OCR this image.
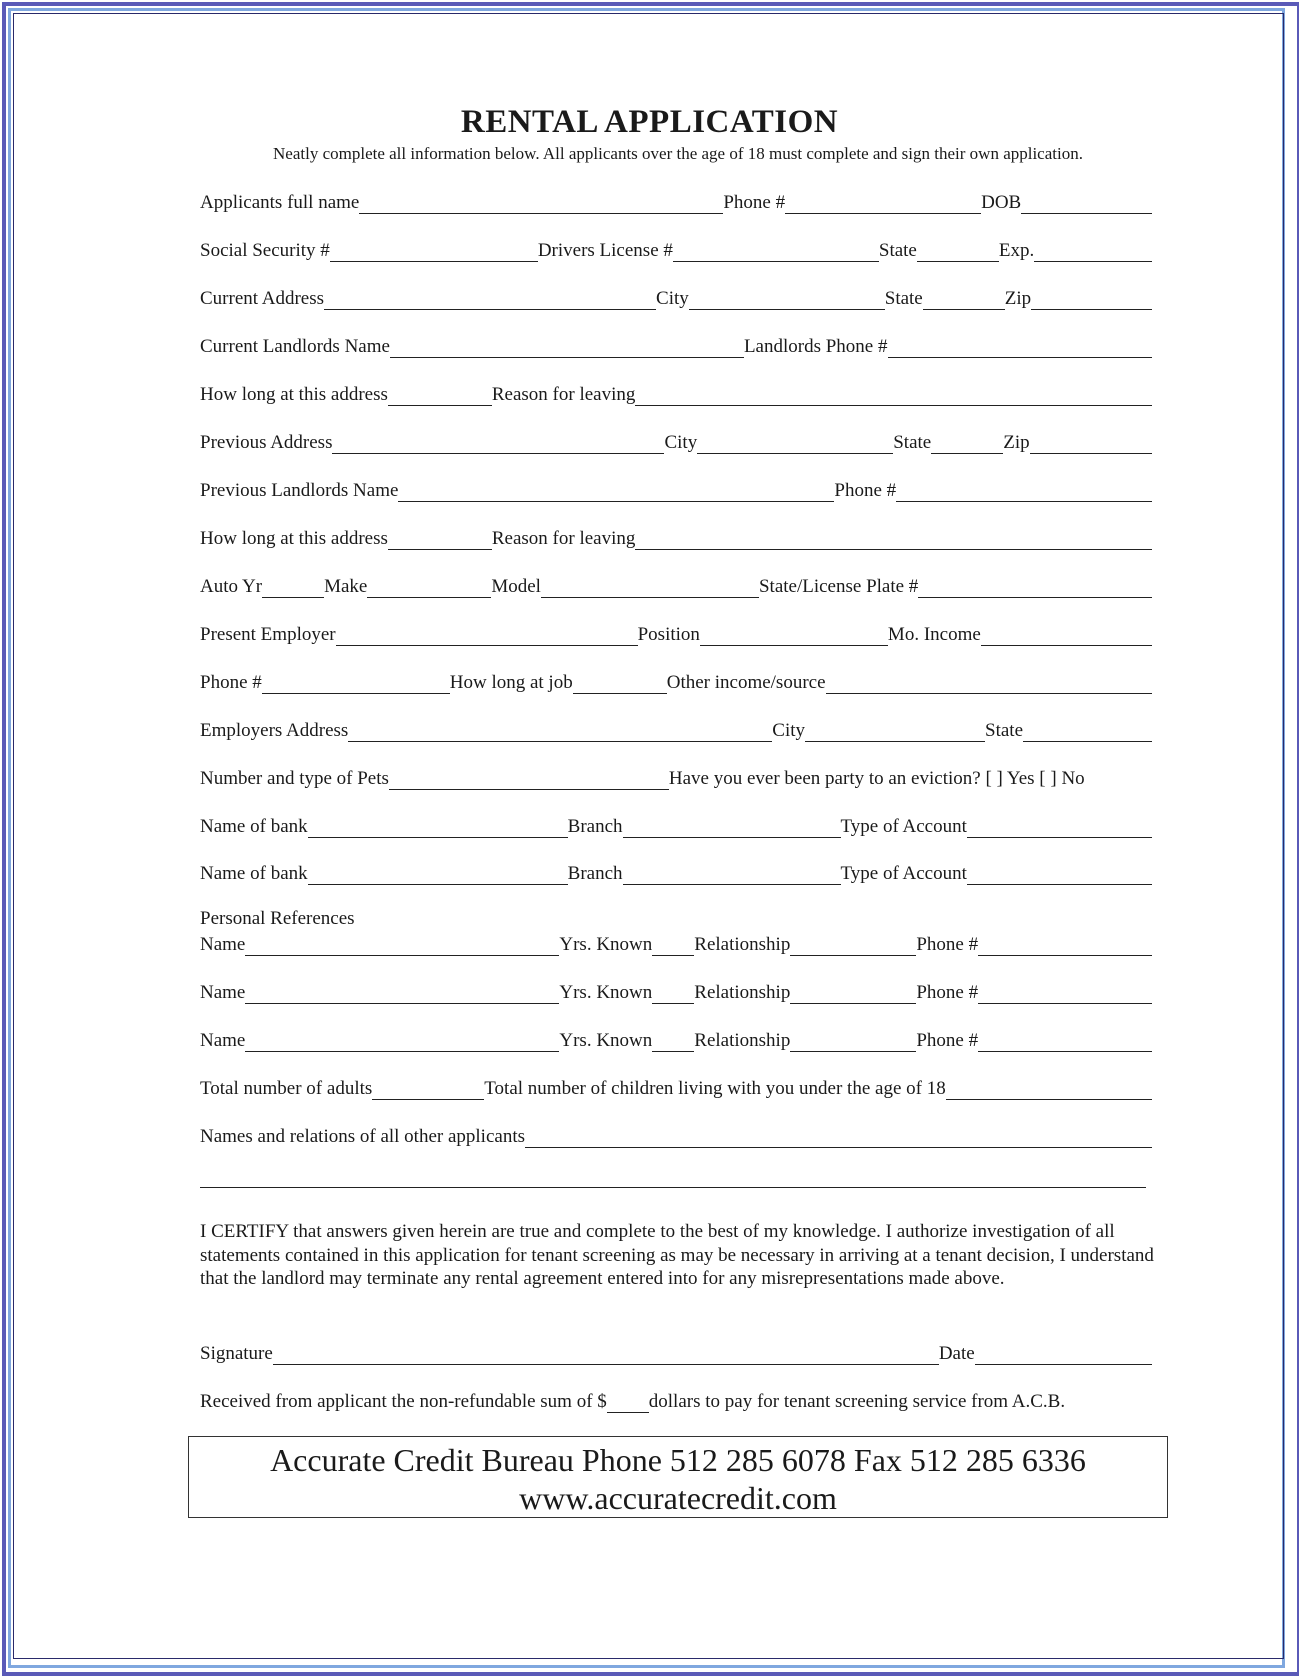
RENTAL APPLICATION
Neatly complete all information below. All applicants over the age of 18 must complete and sign their own application.
Applicants full name	Phone #	DOB
Social Security #	Drivers License #	State	Exp.
Current Address	City	State	Zip
Current Landlords Name	Landlords Phone #
How long at this address	Reason for leaving
Previous Address	City	State	Zip
Previous Landlords Name	Phone #
How long at this address	Reason for leaving
Auto Yr	Make	Model	State/License Plate #
Present Employer	Position	Mo. Income
Phone #	How long at job	Other income/source
Employers Address	City	State
Number and type of Pets	Have you ever been party to an eviction? [ ] Yes [ ] No
Name of bank	Branch	Type of Account
Name of bank	Branch	Type of Account
Personal References
Name	Yrs. Known Relationship	Phone #
Name	Yrs. Known Relationship	Phone #
Name	Yrs. Known Relationship	Phone #
Total number of adults	Total number of children living with you under the age of 18
Names and relations of all other applicants
I CERTIFY that answers given herein are true and complete to the best of my knowledge. I authorize investigation of all statements contained in this application for tenant screening as may be necessary in arriving at a tenant decision, I understand that the landlord may terminate any rental agreement entered into for any misrepresentations made above.
Signature	Date
Received from applicant the non-refundable sum of $ dollars to pay for tenant screening service from A.C.B.
Accurate Credit Bureau Phone 512 285 6078 Fax 512 285 6336
www.accuratecredit.com
